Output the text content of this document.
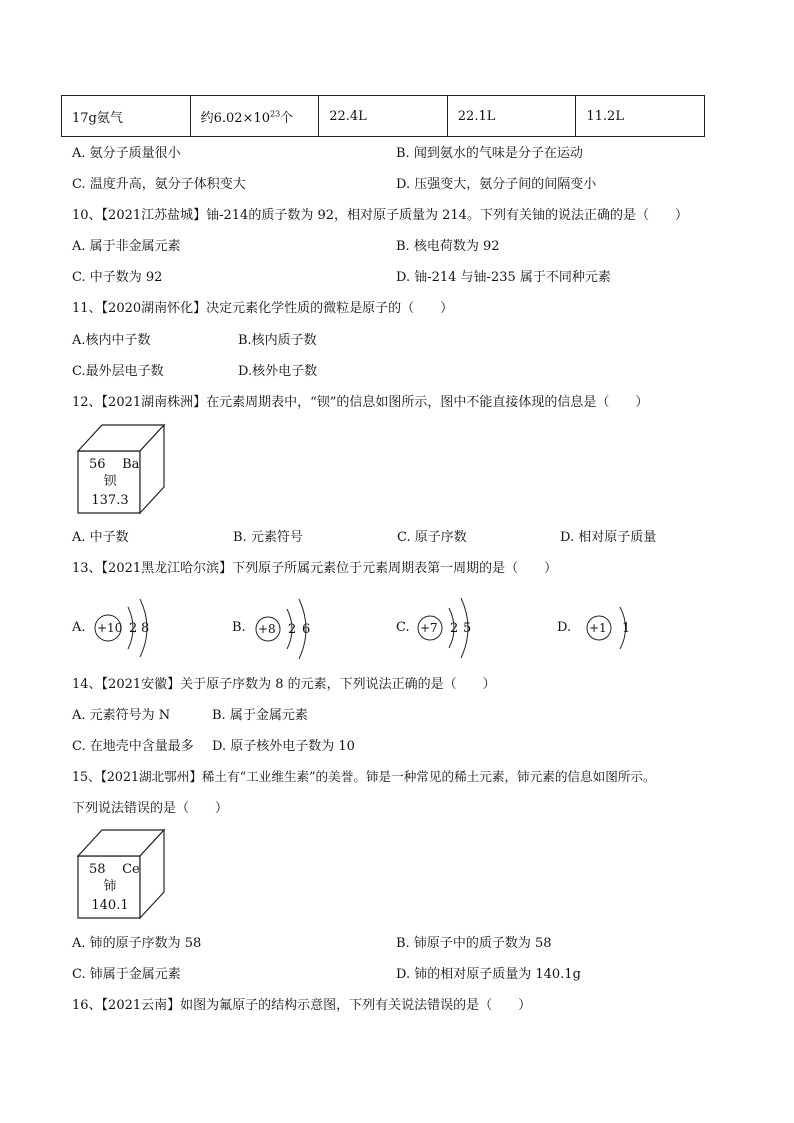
17g氨气	约$6.02\times 10^{23}$个	22.4L	22.1L	11.2L
A. 氨分子质量很小	B. 闻到氨水的气味是分子在运动
C. 温度升高，氨分子体积变大	D. 压强变大，氨分子间的间隔变小
10、【2021江苏盐城】铀-214的质子数为 92，相对原子质量为 214。下列有关铀的说法正确的是（　　）
A. 属于非金属元素	B. 核电荷数为 92
C. 中子数为 92	D. 铀-214 与铀-235 属于不同种元素
11、【2020湖南怀化】决定元素化学性质的微粒是原子的（　　）
A.核内中子数	B.核内质子数
C.最外层电子数	D.核外电子数
12、【2021湖南株洲】在元素周期表中，“钡”的信息如图所示，图中不能直接体现的信息是（　　）
56 Ba
钡
137.3
A. 中子数	B. 元素符号	C. 原子序数	D. 相对原子质量
13、【2021黑龙江哈尔滨】下列原子所属元素位于元素周期表第一周期的是（　　）
A. +10 2 8	B. +8 2 6	C. +7 2 5	D. +1 1
14、【2021安徽】关于原子序数为 8 的元素，下列说法正确的是（　　）
A. 元素符号为 N	B. 属于金属元素
C. 在地壳中含量最多 D. 原子核外电子数为 10
15、【2021湖北鄂州】稀土有“工业维生素”的美誉。铈是一种常见的稀土元素，铈元素的信息如图所示。
下列说法错误的是（　　）
58 Ce
铈
140.1
A. 铈的原子序数为 58	B. 铈原子中的质子数为 58
C. 铈属于金属元素	D. 铈的相对原子质量为 140.1g
16、【2021云南】如图为氟原子的结构示意图，下列有关说法错误的是（　　）
